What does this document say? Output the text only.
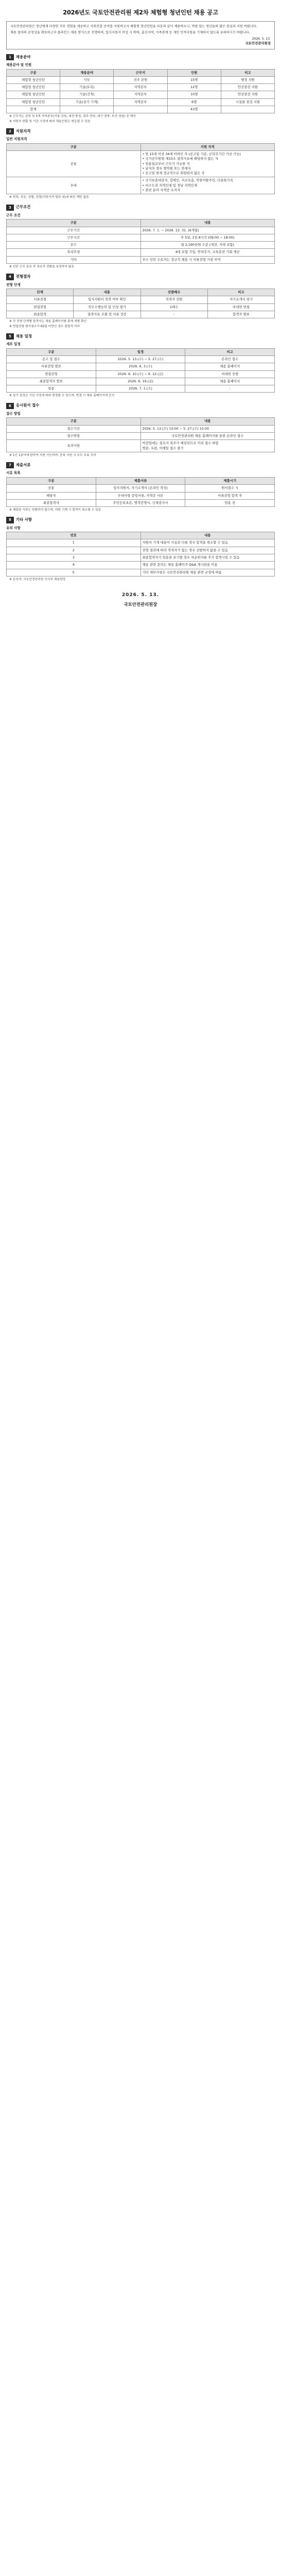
2026년도 국토안전관리원 제2차 체험형 청년인턴 채용 공고

국토안전관리원은 청년에게 다양한 직무 경험을 제공하고 사회진출 준비를 지원하고자 체험형 청년인턴을 다음과 같이 채용하오니, 역량 있는 청년들의 많은 관심과 지원 바랍니다.

채용 절차의 공정성을 확보하고자 블라인드 채용 방식으로 진행하며, 입사지원서 작성 시 학력, 출신지역, 가족관계 등 개인 인적사항을 기재하지 않도록 유의하시기 바랍니다.

2026. 5. 13.
국토안전관리원장
1	채용분야
채용분야 및 인원
구분	채용분야	근무지	인원	비고
체험형 청년인턴	사무	진주 본원	15명	행정 지원
체험형 청년인턴	기술(토목)	지역본부	12명	안전점검 지원
체험형 청년인턴	기술(건축)	지역본부	10명	안전점검 지원
체험형 청년인턴	기술(전기·기계)	지역본부	6명	시설물 점검 지원
합계			43명	
※ 근무지는 본원 및 5개 지역본부(서울·강원, 대전·충청, 광주·전라, 대구·경북, 부산·경남) 중 배치
※ 지원자 현황 및 기관 사정에 따라 채용인원은 변동될 수 있음
2	지원자격
일반 지원자격
구분	지원 자격
공통	• 만 15세 이상 34세 이하인 자 (공고일 기준, 군복무기간 가산 가능)
• 국가공무원법 제33조 결격사유에 해당하지 않는 자
• 임용일로부터 근무가 가능한 자
• 남자의 경우 병역필 또는 면제자
• 공고일 현재 정규직으로 취업하지 않은 자
우대	• 국가보훈대상자, 장애인, 저소득층, 북한이탈주민, 다문화가족
• 비수도권 지역인재 및 경남 지역인재
• 관련 분야 자격증 소지자
※ 학력, 전공, 성별, 연령(지원자격 범위 내)에 따른 제한 없음
3	근무조건
근무 조건
구분	내용
근무기간	2026. 7. 1. ~ 2026. 12. 31. (6개월)
근무시간	주 5일, 1일 8시간 (09:00 ~ 18:00)
보수	월 2,190천원 수준 (세전, 식대 포함)
복리후생	4대 보험 가입, 연차휴가, 교육훈련 기회 제공
기타	우수 인턴 수료자는 정규직 채용 시 서류전형 가점 부여
※ 인턴 근무 종료 후 정규직 전환을 보장하지 않음
4	전형절차
전형 단계
단계	내용	선발배수	비고
서류전형	입사지원서 적격 여부 확인	적격자 전원	자기소개서 평가
면접전형	직무수행능력 및 인성 평가	1배수	비대면 면접
최종합격	결격사유 조회 및 서류 검증	-	합격자 발표
※ 각 전형 단계별 합격자는 채용 홈페이지를 통해 개별 확인
※ 면접전형 평가점수가 60점 미만인 경우 불합격 처리
5	채용 일정
세부 일정
구분	일정	비고
공고 및 접수	2026. 5. 13.(수) ~ 5. 27.(수)	온라인 접수
서류전형 발표	2026. 6. 3.(수)	채용 홈페이지
면접전형	2026. 6. 10.(수) ~ 6. 12.(금)	비대면 진행
최종합격자 발표	2026. 6. 19.(금)	채용 홈페이지
임용	2026. 7. 1.(수)	-
※ 상기 일정은 기관 사정에 따라 변경될 수 있으며, 변경 시 채용 홈페이지에 공지
6	응시원서 접수
접수 방법
구분	내용
접수기간	2026. 5. 13.(수) 10:00 ~ 5. 27.(수) 15:00
접수방법	국토안전관리원 채용 홈페이지를 통한 온라인 접수
유의사항	마감일에는 접속자 폭주가 예상되므로 미리 접수 바람
방문, 우편, 이메일 접수 불가
※ 1인 1분야에 한하여 지원 가능하며, 중복 지원 시 모두 무효 처리
7	제출서류
서류 목록
구분	제출서류	제출시기
공통	입사지원서, 자기소개서 (온라인 작성)	원서접수 시
해당자	우대사항 증빙서류, 자격증 사본	서류전형 합격 후
최종합격자	주민등록초본, 병적증명서, 신체검사서	임용 전
※ 제출된 서류는 반환하지 않으며, 허위 기재 시 합격이 취소될 수 있음
8	기타 사항
유의 사항
번호	내용
1	지원서 기재 내용이 사실과 다를 경우 합격을 취소할 수 있음
2	전형 결과에 따라 적격자가 없는 경우 선발하지 않을 수 있음
3	최종합격자가 임용을 포기할 경우 차순위자를 추가 합격시킬 수 있음
4	채용 관련 문의는 채용 홈페이지 Q&A 게시판을 이용
5	기타 세부사항은 국토안전관리원 채용 관련 규정에 따름
※ 문의처: 국토안전관리원 인사부 채용담당
2026. 5. 13.
국토안전관리원장
